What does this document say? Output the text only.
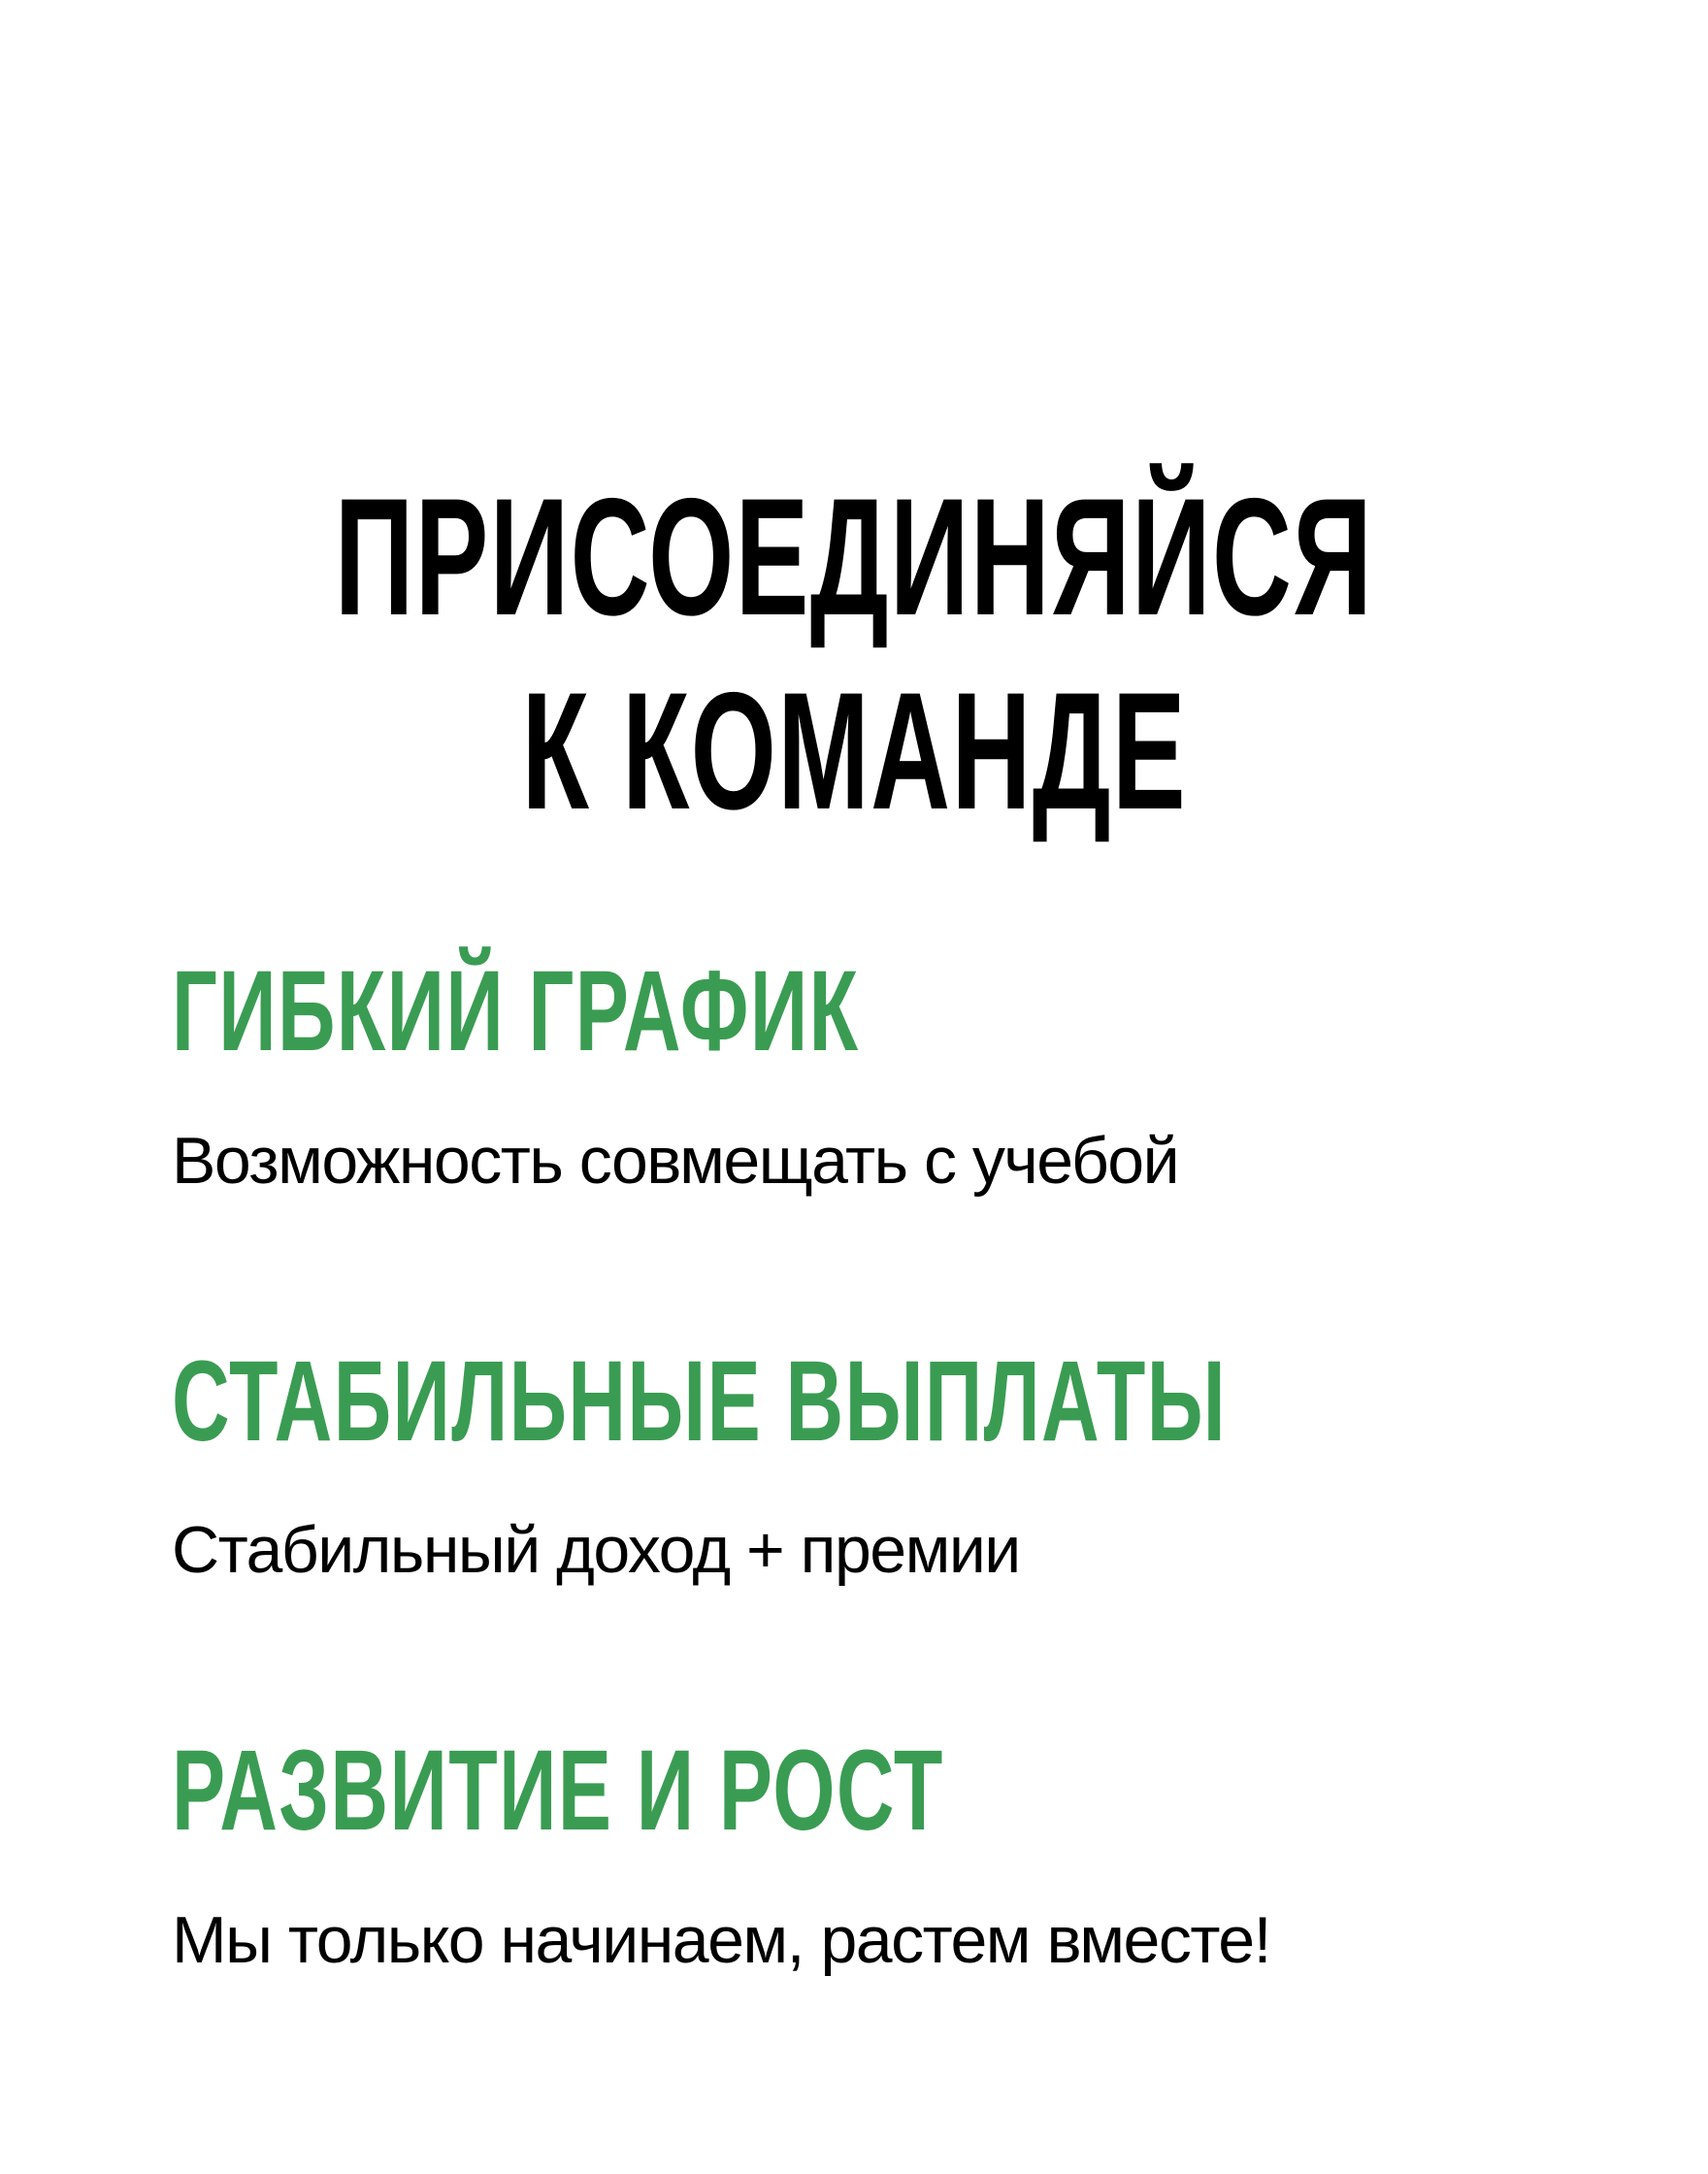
ПРИСОЕДИНЯЙСЯ
К КОМАНДЕ
ГИБКИЙ ГРАФИК
Возможность совмещать с учебой
СТАБИЛЬНЫЕ ВЫПЛАТЫ
Стабильный доход + премии
РАЗВИТИЕ И РОСТ
Мы только начинаем, растем вместе!
